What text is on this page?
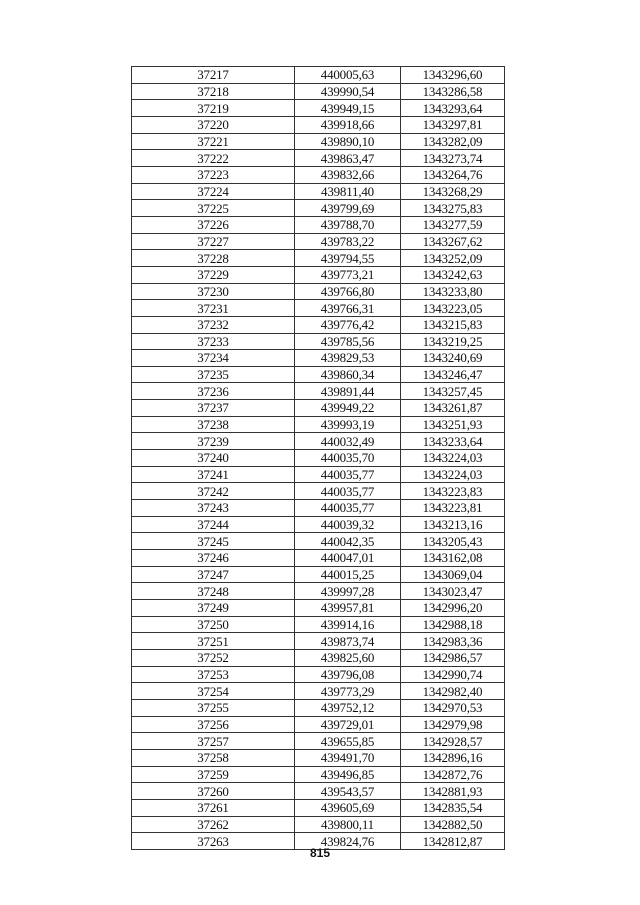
37217	440005,63	1343296,60
37218	439990,54	1343286,58
37219	439949,15	1343293,64
37220	439918,66	1343297,81
37221	439890,10	1343282,09
37222	439863,47	1343273,74
37223	439832,66	1343264,76
37224	439811,40	1343268,29
37225	439799,69	1343275,83
37226	439788,70	1343277,59
37227	439783,22	1343267,62
37228	439794,55	1343252,09
37229	439773,21	1343242,63
37230	439766,80	1343233,80
37231	439766,31	1343223,05
37232	439776,42	1343215,83
37233	439785,56	1343219,25
37234	439829,53	1343240,69
37235	439860,34	1343246,47
37236	439891,44	1343257,45
37237	439949,22	1343261,87
37238	439993,19	1343251,93
37239	440032,49	1343233,64
37240	440035,70	1343224,03
37241	440035,77	1343224,03
37242	440035,77	1343223,83
37243	440035,77	1343223,81
37244	440039,32	1343213,16
37245	440042,35	1343205,43
37246	440047,01	1343162,08
37247	440015,25	1343069,04
37248	439997,28	1343023,47
37249	439957,81	1342996,20
37250	439914,16	1342988,18
37251	439873,74	1342983,36
37252	439825,60	1342986,57
37253	439796,08	1342990,74
37254	439773,29	1342982,40
37255	439752,12	1342970,53
37256	439729,01	1342979,98
37257	439655,85	1342928,57
37258	439491,70	1342896,16
37259	439496,85	1342872,76
37260	439543,57	1342881,93
37261	439605,69	1342835,54
37262	439800,11	1342882,50
37263	439824,76	1342812,87
815
